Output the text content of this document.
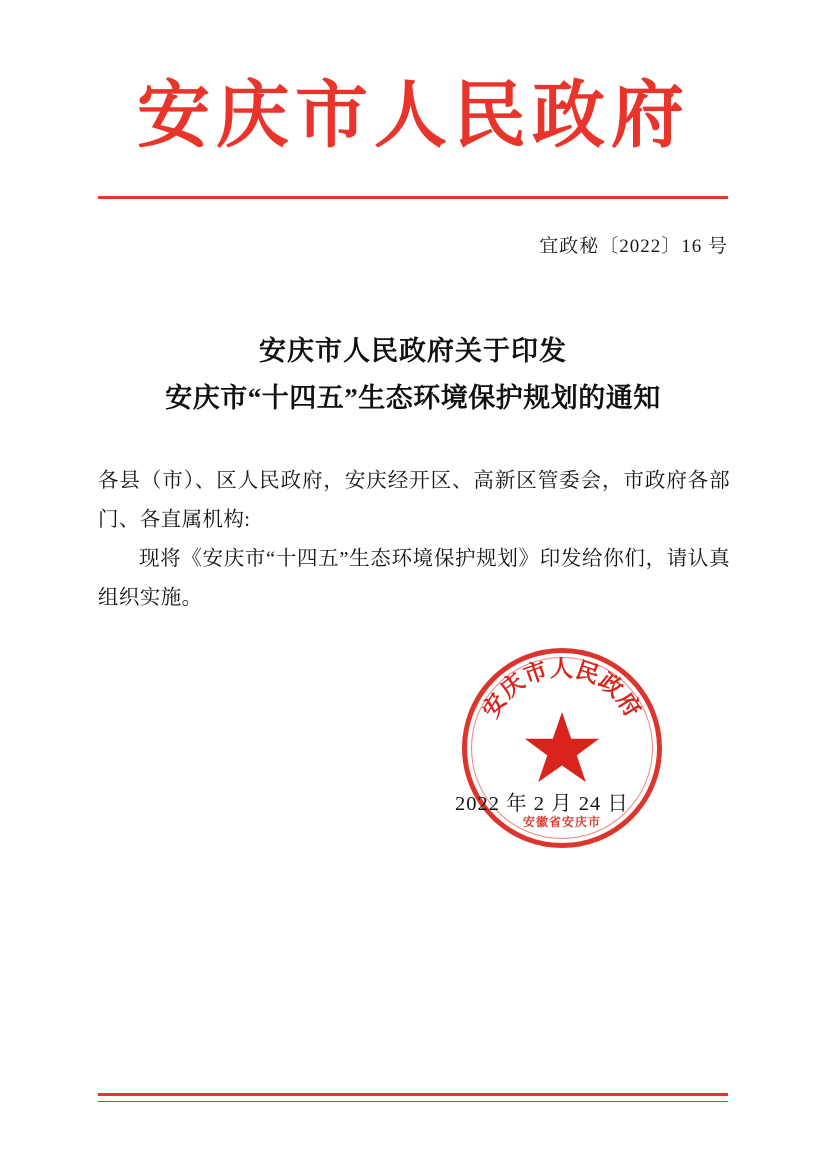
安庆市人民政府
宜政秘〔2022〕16 号
安庆市人民政府关于印发
安庆市“十四五”生态环境保护规划的通知

各县（市）、区人民政府，安庆经开区、高新区管委会，市政府各部门、各直属机构:

现将《安庆市“十四五”生态环境保护规划》印发给你们，请认真组织实施。

安庆市人民政府
安徽省安庆市
2022 年 2 月 24 日
